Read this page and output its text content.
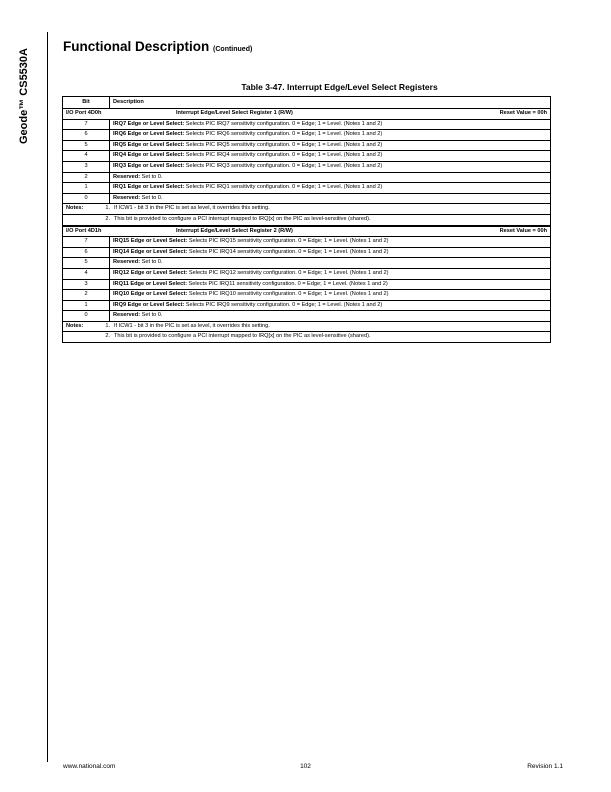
Geode™ CS5530A
Functional Description (Continued)
Table 3-47. Interrupt Edge/Level Select Registers
Bit	Description

I/O Port 4D0h Interrupt Edge/Level Select Register 1 (R/W) Reset Value = 00h	

7	IRQ7 Edge or Level Select: Selects PIC IRQ7 sensitivity configuration. 0 = Edge; 1 = Level. (Notes 1 and 2)
6	IRQ6 Edge or Level Select: Selects PIC IRQ6 sensitivity configuration. 0 = Edge; 1 = Level. (Notes 1 and 2)
5	IRQ5 Edge or Level Select: Selects PIC IRQ5 sensitivity configuration. 0 = Edge; 1 = Level. (Notes 1 and 2)
4	IRQ4 Edge or Level Select: Selects PIC IRQ4 sensitivity configuration. 0 = Edge; 1 = Level. (Notes 1 and 2)
3	IRQ3 Edge or Level Select: Selects PIC IRQ3 sensitivity configuration. 0 = Edge; 1 = Level. (Notes 1 and 2)
2	Reserved: Set to 0.
1	IRQ1 Edge or Level Select: Selects PIC IRQ1 sensitivity configuration. 0 = Edge; 1 = Level. (Notes 1 and 2)
0	Reserved: Set to 0.

Notes: 1. If ICW1 - bit 3 in the PIC is set as level, it overrides this setting.	

2. This bit is provided to configure a PCI interrupt mapped to IRQ[x] on the PIC as level-sensitive (shared).	

I/O Port 4D1h Interrupt Edge/Level Select Register 2 (R/W) Reset Value = 00h	

7	IRQ15 Edge or Level Select: Selects PIC IRQ15 sensitivity configuration. 0 = Edge; 1 = Level. (Notes 1 and 2)
6	IRQ14 Edge or Level Select: Selects PIC IRQ14 sensitivity configuration. 0 = Edge; 1 = Level. (Notes 1 and 2)
5	Reserved: Set to 0.
4	IRQ12 Edge or Level Select: Selects PIC IRQ12 sensitivity configuration. 0 = Edge; 1 = Level. (Notes 1 and 2)
3	IRQ11 Edge or Level Select: Selects PIC IRQ11 sensitivity configuration. 0 = Edge; 1 = Level. (Notes 1 and 2)
2	IRQ10 Edge or Level Select: Selects PIC IRQ10 sensitivity configuration. 0 = Edge; 1 = Level. (Notes 1 and 2)
1	IRQ9 Edge or Level Select: Selects PIC IRQ9 sensitivity configuration. 0 = Edge; 1 = Level. (Notes 1 and 2)
0	Reserved: Set to 0.

Notes: 1. If ICW1 - bit 3 in the PIC is set as level, it overrides this setting.	

2. This bit is provided to configure a PCI interrupt mapped to IRQ[x] on the PIC as level-sensitive (shared).	
www.national.com	102	Revision 1.1
